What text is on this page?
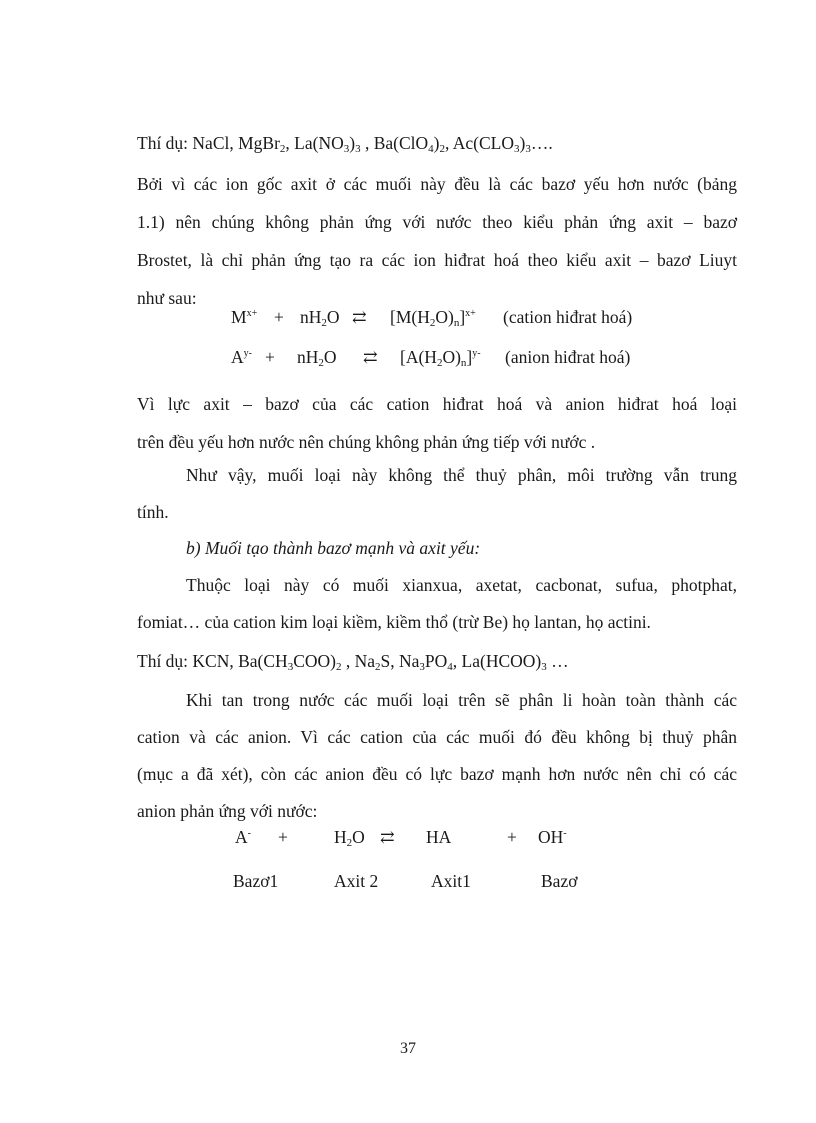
Thí dụ: NaCl, MgBr$_2$, $La(NO_3)_3$ , $Ba(ClO_4)_2$, $Ac(CLO_3)_3\dots$.
Bởi vì các ion gốc axit ở các muối này đều là các bazơ yếu hơn nước (bảng
1.1) nên chúng không phản ứng với nước theo kiểu phản ứng axit – bazơ
Brostet, là chỉ phản ứng tạo ra các ion hiđrat hoá theo kiểu axit – bazơ Liuyt
như sau:
$M^{x+} + nH_2O$ ⇄ $[M(H_2O)_n]^{x+}$ (cation hiđrat hoá)
$A^{y-} + nH_2O$ ⇄ $[A(H_2O)_n]^{y-}$ (anion hiđrat hoá)
Vì lực axit – bazơ của các cation hiđrat hoá và anion hiđrat hoá loại
trên đều yếu hơn nước nên chúng không phản ứng tiếp với nước .
Như vậy, muối loại này không thể thuỷ phân, môi trường vẫn trung
tính.
b) Muối tạo thành bazơ mạnh và axit yếu:
Thuộc loại này có muối xianxua, axetat, cacbonat, sufua, photphat,
fomiat… của cation kim loại kiềm, kiềm thổ (trừ Be) họ lantan, họ actini.
Thí dụ: KCN, $Ba(CH_3COO)_2$ , $Na_2S$, $Na_3PO_4$, $La(HCOO)_3$ …
Khi tan trong nước các muối loại trên sẽ phân li hoàn toàn thành các
cation và các anion. Vì các cation của các muối đó đều không bị thuỷ phân
(mục a đã xét), còn các anion đều có lực bazơ mạnh hơn nước nên chỉ có các
anion phản ứng với nước:
A- +	$H_2O$ ⇄ HA	+ OH-
Bazơ1	Axit 2	Axit1	Bazơ
37
